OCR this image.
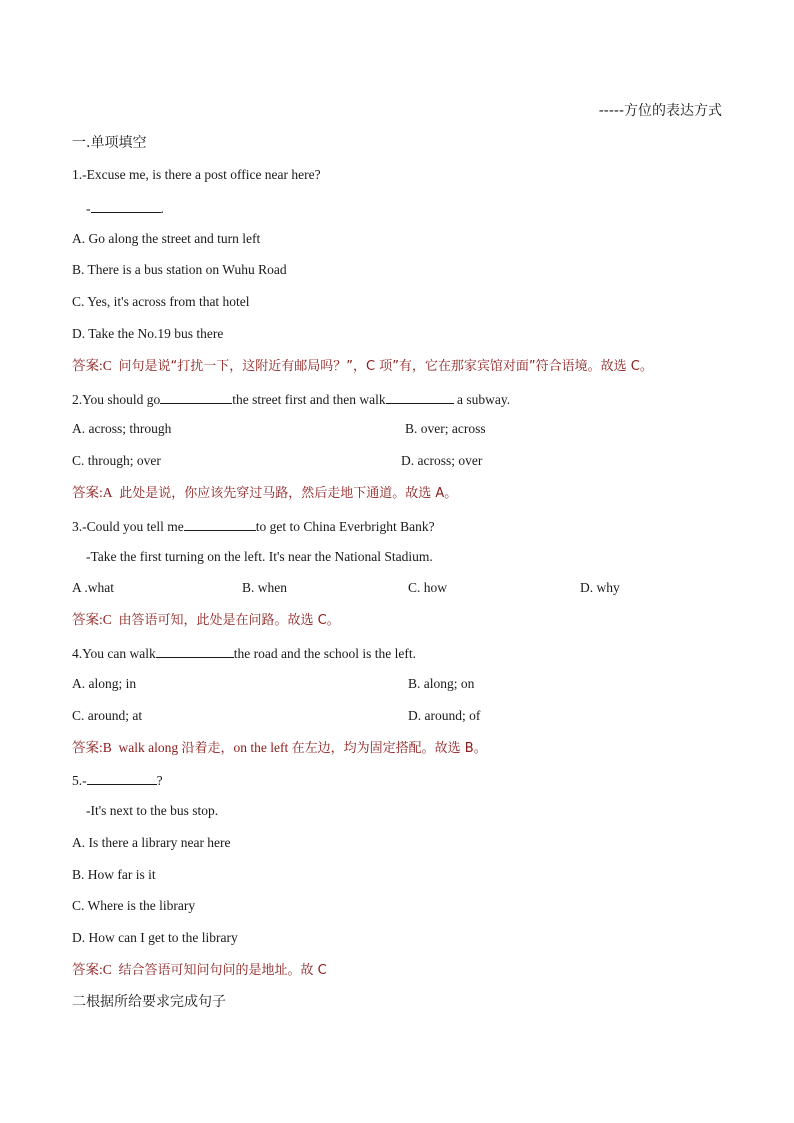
-----方位的表达方式
一.单项填空
1.-Excuse me, is there a post office near here?
-	.
A. Go along the street and turn left
B. There is a bus station on Wuhu Road
C. Yes, it's across from that hotel
D. Take the No.19 bus there
答案:C 问句是说“打扰一下，这附近有邮局吗？”，C 项”有，它在那家宾馆对面”符合语境。故选 C。
2.You should go	the street first and then walk	a subway.
A. across; through	B. over; across
C. through; over	D. across; over
答案:A 此处是说，你应该先穿过马路，然后走地下通道。故选 A。
3.-Could you tell me	to get to China Everbright Bank?
-Take the first turning on the left. It's near the National Stadium.
A .what	B. when	C. how	D. why
答案:C 由答语可知，此处是在问路。故选 C。
4.You can walk	the road and the school is the left.
A. along; in	B. along; on
C. around; at	D. around; of
答案:B walk along 沿着走，on the left 在左边，均为固定搭配。故选 B。
5.-	?
-It's next to the bus stop.
A. Is there a library near here
B. How far is it
C. Where is the library
D. How can I get to the library
答案:C 结合答语可知问句问的是地址。故 C
二根据所给要求完成句子
